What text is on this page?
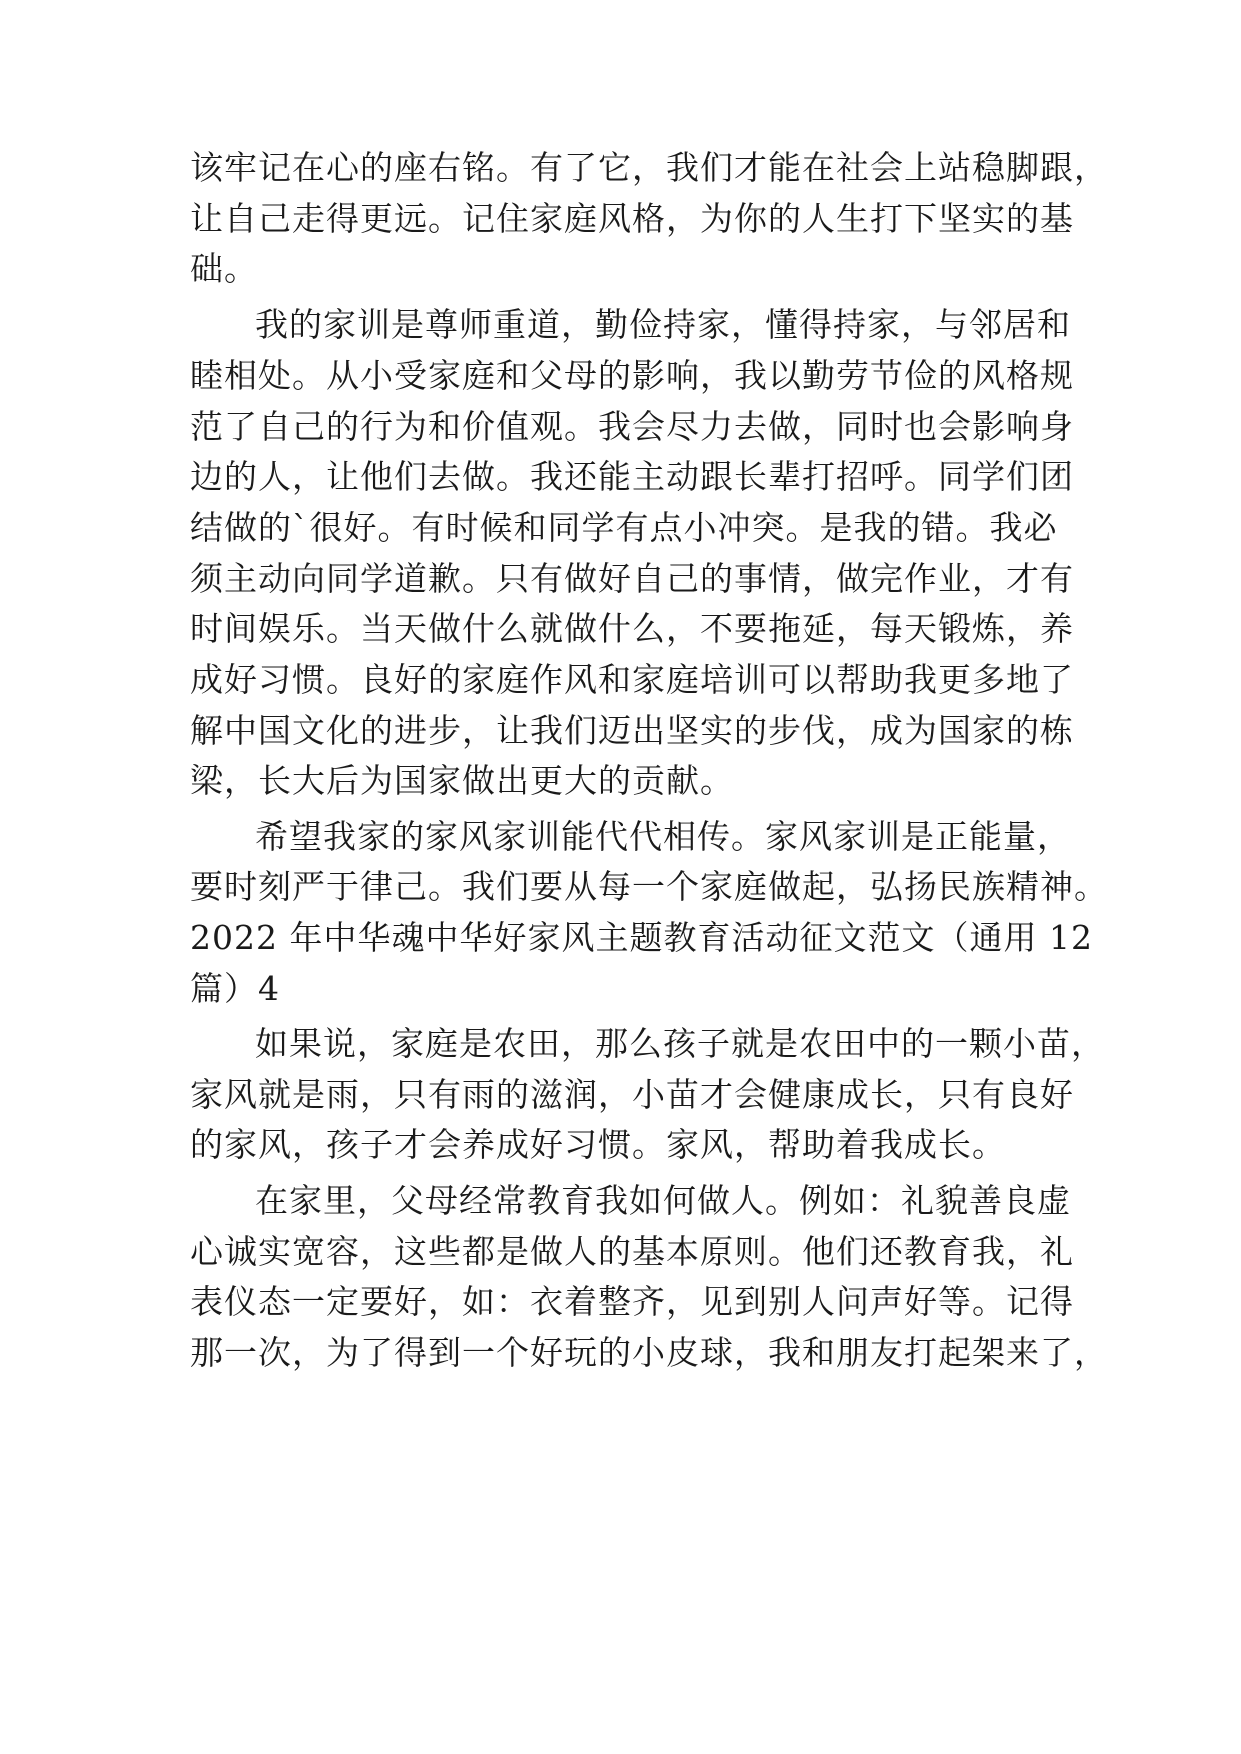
该牢记在心的座右铭。有了它，我们才能在社会上站稳脚跟，
让自己走得更远。记住家庭风格，为你的人生打下坚实的基
础。
我的家训是尊师重道，勤俭持家，懂得持家，与邻居和
睦相处。从小受家庭和父母的影响，我以勤劳节俭的风格规
范了自己的行为和价值观。我会尽力去做，同时也会影响身
边的人，让他们去做。我还能主动跟长辈打招呼。同学们团
结做的`很好。有时候和同学有点小冲突。是我的错。我必
须主动向同学道歉。只有做好自己的事情，做完作业，才有
时间娱乐。当天做什么就做什么，不要拖延，每天锻炼，养
成好习惯。良好的家庭作风和家庭培训可以帮助我更多地了
解中国文化的进步，让我们迈出坚实的步伐，成为国家的栋
梁，长大后为国家做出更大的贡献。
希望我家的家风家训能代代相传。家风家训是正能量，
要时刻严于律己。我们要从每一个家庭做起，弘扬民族精神。
2022 年中华魂中华好家风主题教育活动征文范文（通用 12
篇）4
如果说，家庭是农田，那么孩子就是农田中的一颗小苗，
家风就是雨，只有雨的滋润，小苗才会健康成长，只有良好
的家风，孩子才会养成好习惯。家风，帮助着我成长。
在家里，父母经常教育我如何做人。例如：礼貌善良虚
心诚实宽容，这些都是做人的基本原则。他们还教育我，礼
表仪态一定要好，如：衣着整齐，见到别人问声好等。记得
那一次，为了得到一个好玩的小皮球，我和朋友打起架来了，
